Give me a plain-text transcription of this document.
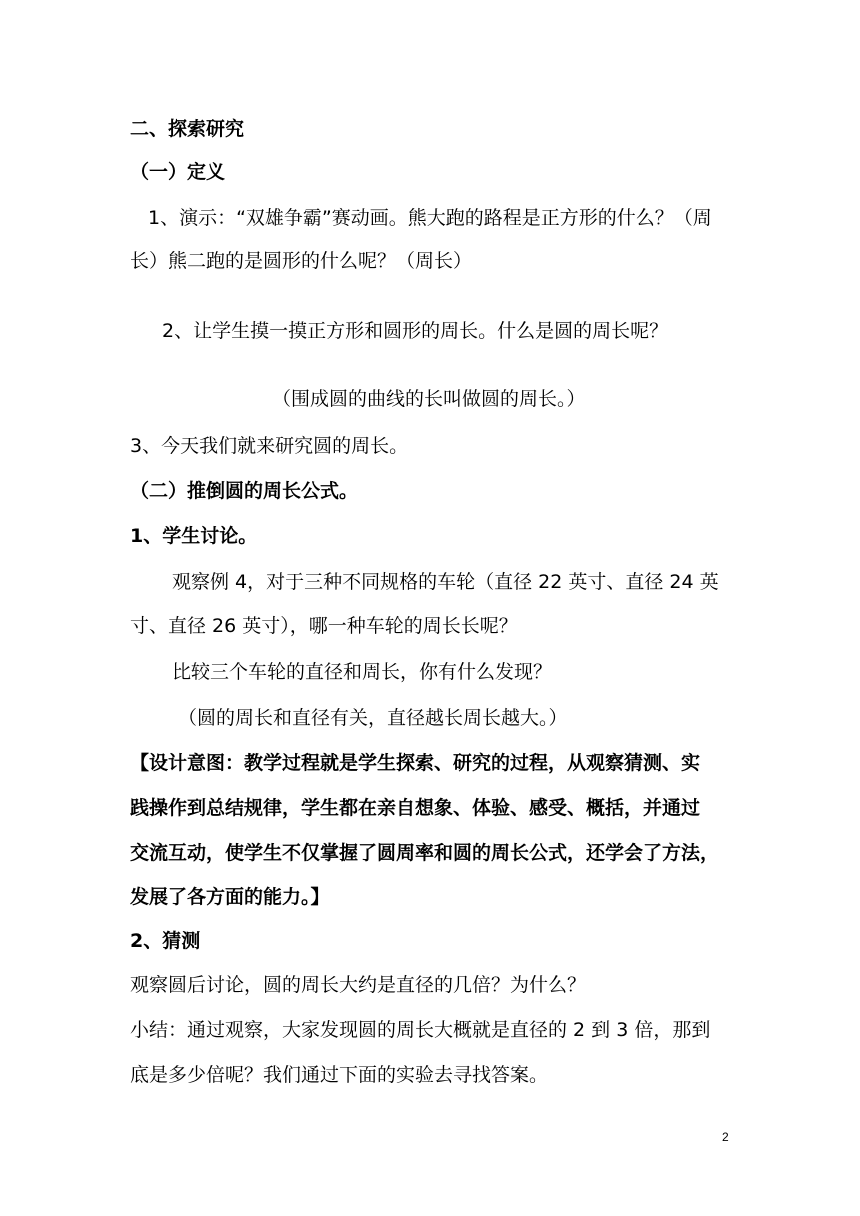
二、探索研究
（一）定义
1、演示：“双雄争霸”赛动画。熊大跑的路程是正方形的什么？（周
长）熊二跑的是圆形的什么呢？（周长）
2、让学生摸一摸正方形和圆形的周长。什么是圆的周长呢？
（围成圆的曲线的长叫做圆的周长。）
3、今天我们就来研究圆的周长。
（二）推倒圆的周长公式。
1、学生讨论。
观察例 4，对于三种不同规格的车轮（直径 22 英寸、直径 24 英
寸、直径 26 英寸），哪一种车轮的周长长呢？
比较三个车轮的直径和周长，你有什么发现？
（圆的周长和直径有关，直径越长周长越大。）
【设计意图：教学过程就是学生探索、研究的过程，从观察猜测、实
践操作到总结规律，学生都在亲自想象、体验、感受、概括，并通过
交流互动，使学生不仅掌握了圆周率和圆的周长公式，还学会了方法，
发展了各方面的能力。】
2、猜测
观察圆后讨论，圆的周长大约是直径的几倍？为什么？
小结：通过观察，大家发现圆的周长大概就是直径的 2 到 3 倍，那到
底是多少倍呢？我们通过下面的实验去寻找答案。
2
